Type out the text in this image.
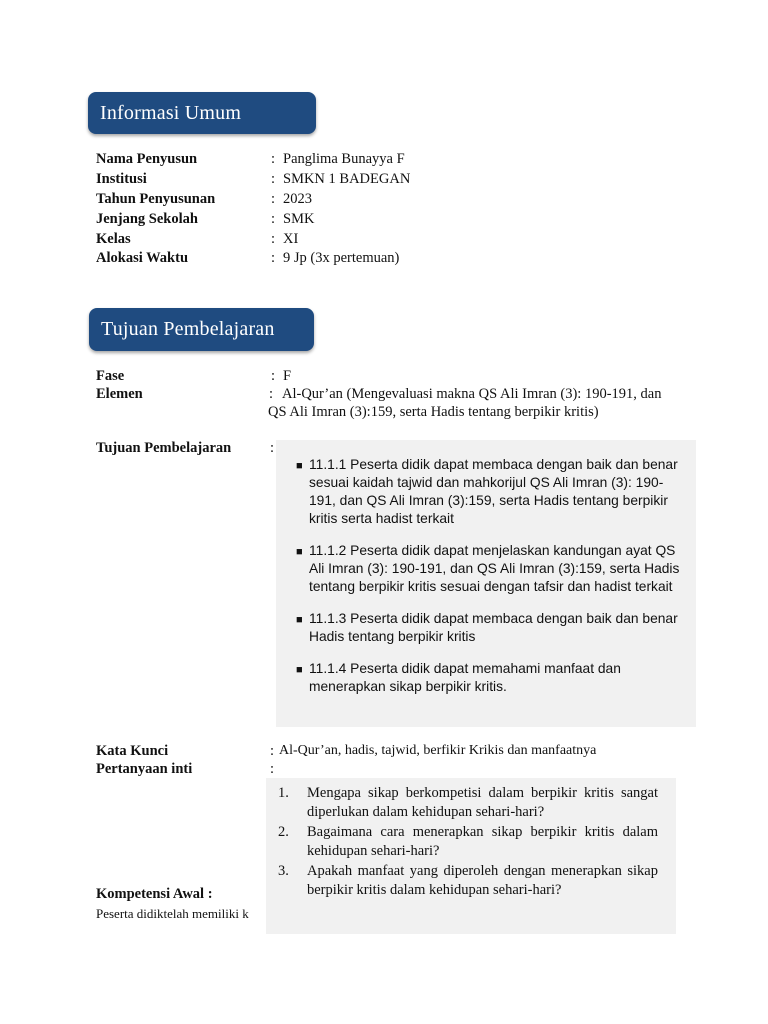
Informasi Umum
Nama Penyusun	: Panglima Bunayya F
Institusi	: SMKN 1 BADEGAN
Tahun Penyusunan	: 2023
Jenjang Sekolah	: SMK
Kelas	: XI
Alokasi Waktu	: 9 Jp (3x pertemuan)
Tujuan Pembelajaran
Fase	: F
Elemen	: Al-Qur’an (Mengevaluasi makna QS Ali Imran (3): 190-191, dan
QS Ali Imran (3):159, serta Hadis tentang berpikir kritis)
Tujuan Pembelajaran	:
■ 11.1.1 Peserta didik dapat membaca dengan baik dan benar sesuai kaidah tajwid dan mahkorijul QS Ali Imran (3): 190-191, dan QS Ali Imran (3):159, serta Hadis tentang berpikir kritis serta hadist terkait
■ 11.1.2 Peserta didik dapat menjelaskan kandungan ayat QS Ali Imran (3): 190-191, dan QS Ali Imran (3):159, serta Hadis tentang berpikir kritis sesuai dengan tafsir dan hadist terkait
■ 11.1.3 Peserta didik dapat membaca dengan baik dan benar Hadis tentang berpikir kritis
■ 11.1.4 Peserta didik dapat memahami manfaat dan menerapkan sikap berpikir kritis.
Kata Kunci	: Al-Qur’an, hadis, tajwid, berfikir Krikis dan manfaatnya
Pertanyaan inti	:
1.	Mengapa sikap berkompetisi dalam berpikir kritis sangat diperlukan dalam kehidupan sehari-hari?
2.	Bagaimana cara menerapkan sikap berpikir kritis dalam kehidupan sehari-hari?
3.	Apakah manfaat yang diperoleh dengan menerapkan sikap berpikir kritis dalam kehidupan sehari-hari?
Kompetensi Awal :
Peserta didiktelah memiliki k
